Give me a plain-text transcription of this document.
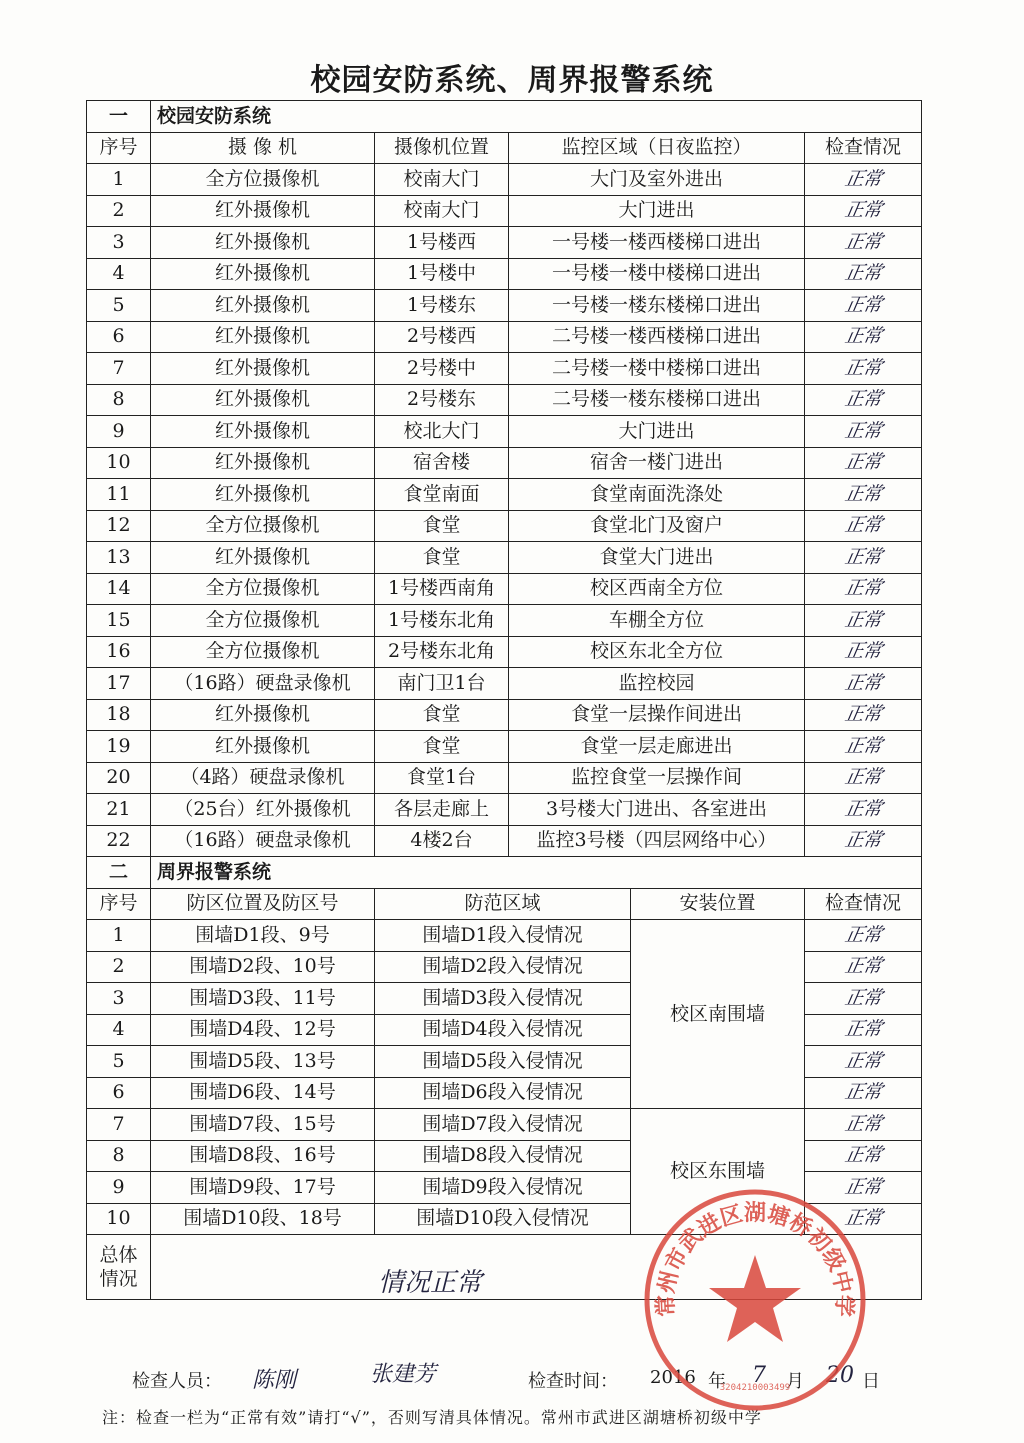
校园安防系统、周界报警系统
一	校园安防系统				
序号	摄 像 机	摄像机位置	监控区域（日夜监控）		检查情况
1	全方位摄像机	校南大门	大门及室外进出		正常
2	红外摄像机	校南大门	大门进出		正常
3	红外摄像机	1号楼西	一号楼一楼西楼梯口进出		正常
4	红外摄像机	1号楼中	一号楼一楼中楼梯口进出		正常
5	红外摄像机	1号楼东	一号楼一楼东楼梯口进出		正常
6	红外摄像机	2号楼西	二号楼一楼西楼梯口进出		正常
7	红外摄像机	2号楼中	二号楼一楼中楼梯口进出		正常
8	红外摄像机	2号楼东	二号楼一楼东楼梯口进出		正常
9	红外摄像机	校北大门	大门进出		正常
10	红外摄像机	宿舍楼	宿舍一楼门进出		正常
11	红外摄像机	食堂南面	食堂南面洗涤处		正常
12	全方位摄像机	食堂	食堂北门及窗户		正常
13	红外摄像机	食堂	食堂大门进出		正常
14	全方位摄像机	1号楼西南角	校区西南全方位		正常
15	全方位摄像机	1号楼东北角	车棚全方位		正常
16	全方位摄像机	2号楼东北角	校区东北全方位		正常
17	（16路）硬盘录像机	南门卫1台	监控校园		正常
18	红外摄像机	食堂	食堂一层操作间进出		正常
19	红外摄像机	食堂	食堂一层走廊进出		正常
20	（4路）硬盘录像机	食堂1台	监控食堂一层操作间		正常
21	（25台）红外摄像机	各层走廊上	3号楼大门进出、各室进出		正常
22	（16路）硬盘录像机	4楼2台	监控3号楼（四层网络中心）		正常
二	周界报警系统				
序号	防区位置及防区号	防范区域		安装位置	检查情况
1	围墙D1段、9号	围墙D1段入侵情况		校区南围墙	正常
2	围墙D2段、10号	围墙D2段入侵情况			正常
3	围墙D3段、11号	围墙D3段入侵情况			正常
4	围墙D4段、12号	围墙D4段入侵情况			正常
5	围墙D5段、13号	围墙D5段入侵情况			正常
6	围墙D6段、14号	围墙D6段入侵情况			正常
7	围墙D7段、15号	围墙D7段入侵情况		校区东围墙	正常
8	围墙D8段、16号	围墙D8段入侵情况			正常
9	围墙D9段、17号	围墙D9段入侵情况			正常
10	围墙D10段、18号	围墙D10段入侵情况			正常
总体
情况						情况正常
检查人员： 陈刚	张建芳	检查时间： 2016 年 7 月 20 日
注：检查一栏为“正常有效”请打“√”，否则写清具体情况。常州市武进区湖塘桥初级中学
常州市武进区湖塘桥初级中学
3204210003499
